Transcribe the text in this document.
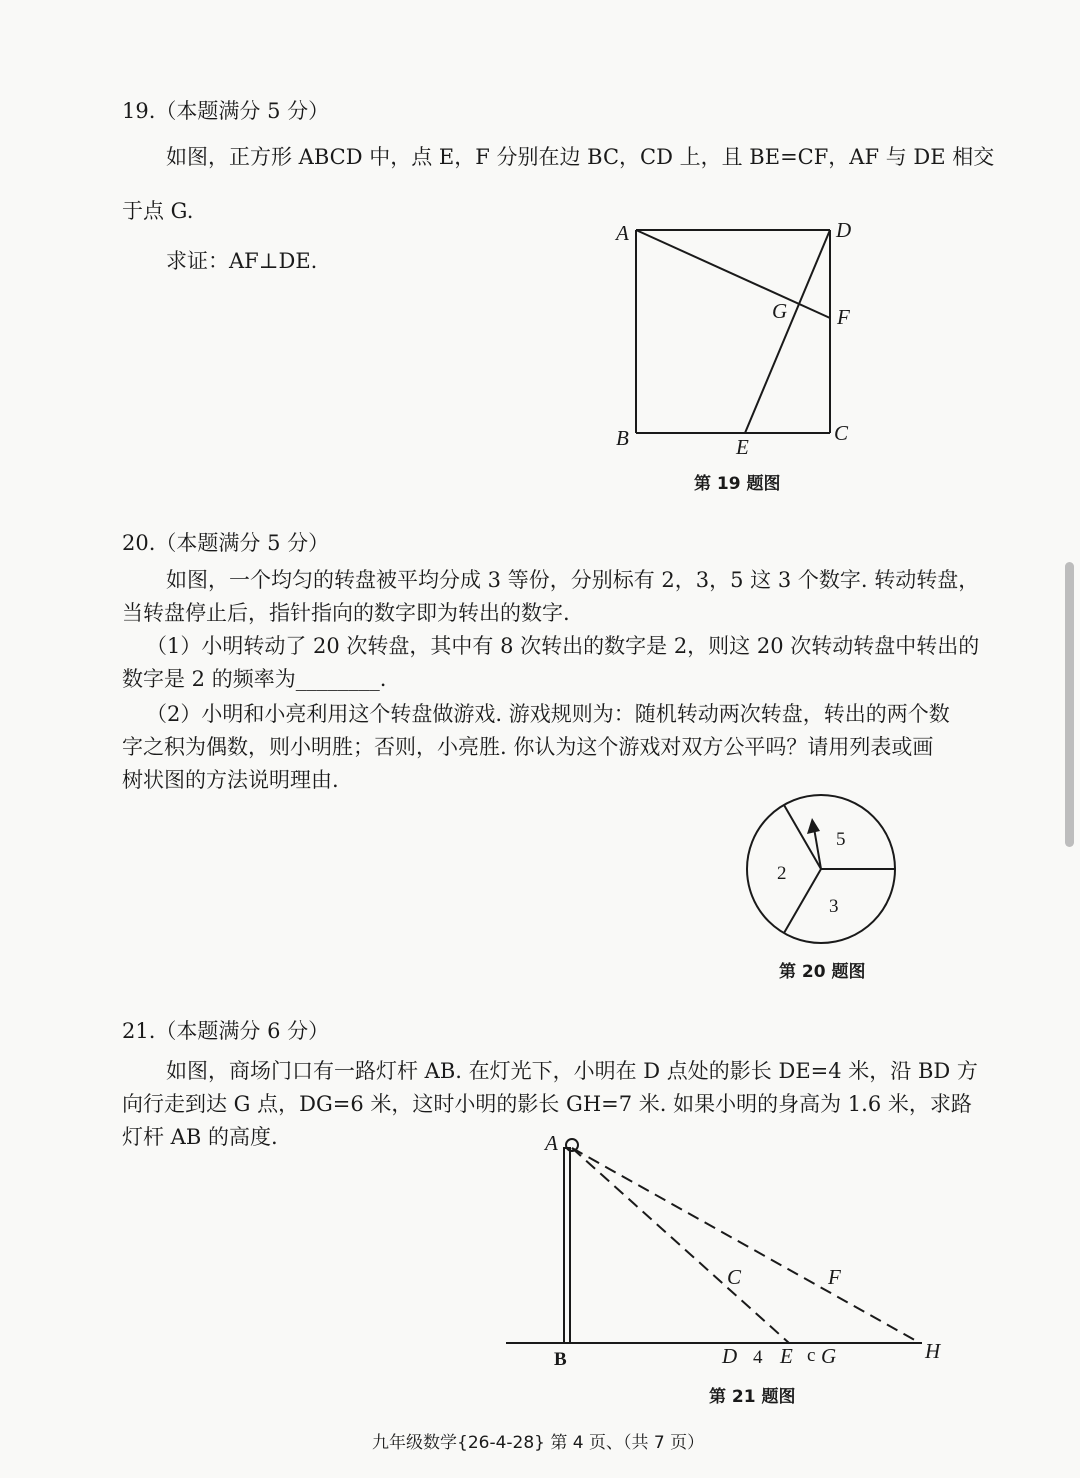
19.（本题满分 5 分）
如图，正方形 ABCD 中，点 E，F 分别在边 BC，CD 上，且 BE=CF，AF 与 DE 相交
于点 G.
求证：AF⊥DE.
A	D
G F
B	E
C
第 19 题图
20.（本题满分 5 分）
如图，一个均匀的转盘被平均分成 3 等份，分别标有 2，3，5 这 3 个数字. 转动转盘，
当转盘停止后，指针指向的数字即为转出的数字.
（1）小明转动了 20 次转盘，其中有 8 次转出的数字是 2，则这 20 次转动转盘中转出的
数字是 2 的频率为________.
（2）小明和小亮利用这个转盘做游戏. 游戏规则为：随机转动两次转盘，转出的两个数
字之积为偶数，则小明胜；否则，小亮胜. 你认为这个游戏对双方公平吗？请用列表或画
树状图的方法说明理由.
5
2
3
第 20 题图
21.（本题满分 6 分）
如图，商场门口有一路灯杆 AB. 在灯光下，小明在 D 点处的影长 DE=4 米，沿 BD 方
向行走到达 G 点，DG=6 米，这时小明的影长 GH=7 米. 如果小明的身高为 1.6 米，求路
灯杆 AB 的高度.	A
C	F
B	D 4 E c G	H
第 21 题图
九年级数学{26-4-28} 第 4 页、（共 7 页）
